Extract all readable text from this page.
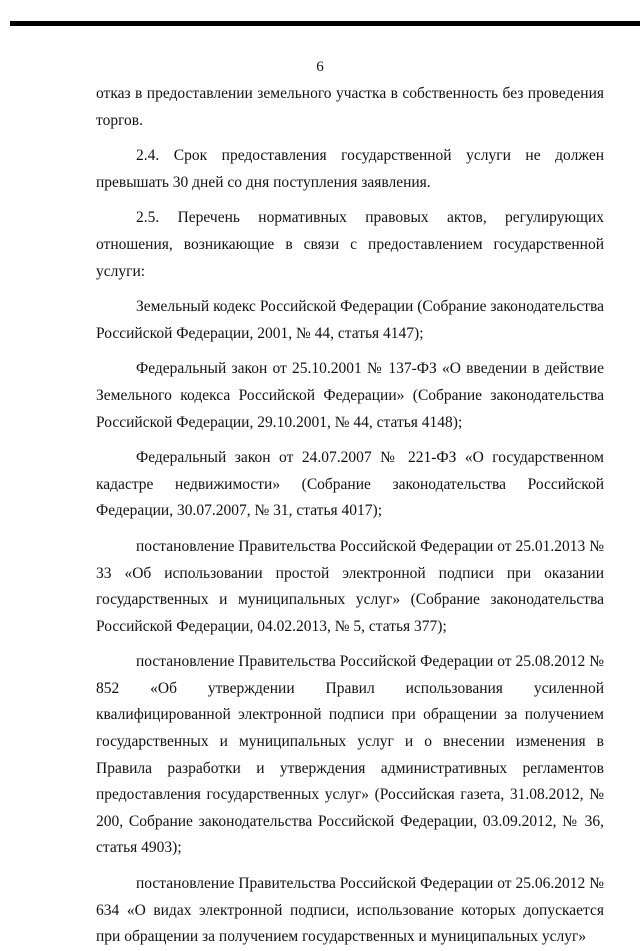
6

отказ в предоставлении земельного участка в собственность без проведения торгов.

2.4. Срок предоставления государственной услуги не должен превышать 30 дней со дня поступления заявления.

2.5. Перечень нормативных правовых актов, регулирующих отношения, возникающие в связи с предоставлением государственной услуги:

Земельный кодекс Российской Федерации (Собрание законодательства Российской Федерации, 2001, № 44, статья 4147);

Федеральный закон от 25.10.2001 № 137-ФЗ «О введении в действие Земельного кодекса Российской Федерации» (Собрание законодательства Российской Федерации, 29.10.2001, № 44, статья 4148);

Федеральный закон от 24.07.2007 № 221-ФЗ «О государственном кадастре недвижимости» (Собрание законодательства Российской Федерации, 30.07.2007, № 31, статья 4017);

постановление Правительства Российской Федерации от 25.01.2013 № 33 «Об использовании простой электронной подписи при оказании государственных и муниципальных услуг» (Собрание законодательства Российской Федерации, 04.02.2013, № 5, статья 377);

постановление Правительства Российской Федерации от 25.08.2012 № 852 «Об утверждении Правил использования усиленной квалифицированной электронной подписи при обращении за получением государственных и муниципальных услуг и о внесении изменения в Правила разработки и утверждения административных регламентов предоставления государственных услуг» (Российская газета, 31.08.2012, № 200, Собрание законодательства Российской Федерации, 03.09.2012, № 36, статья 4903);

постановление Правительства Российской Федерации от 25.06.2012 № 634 «О видах электронной подписи, использование которых допускается при обращении за получением государственных и муниципальных услуг»
